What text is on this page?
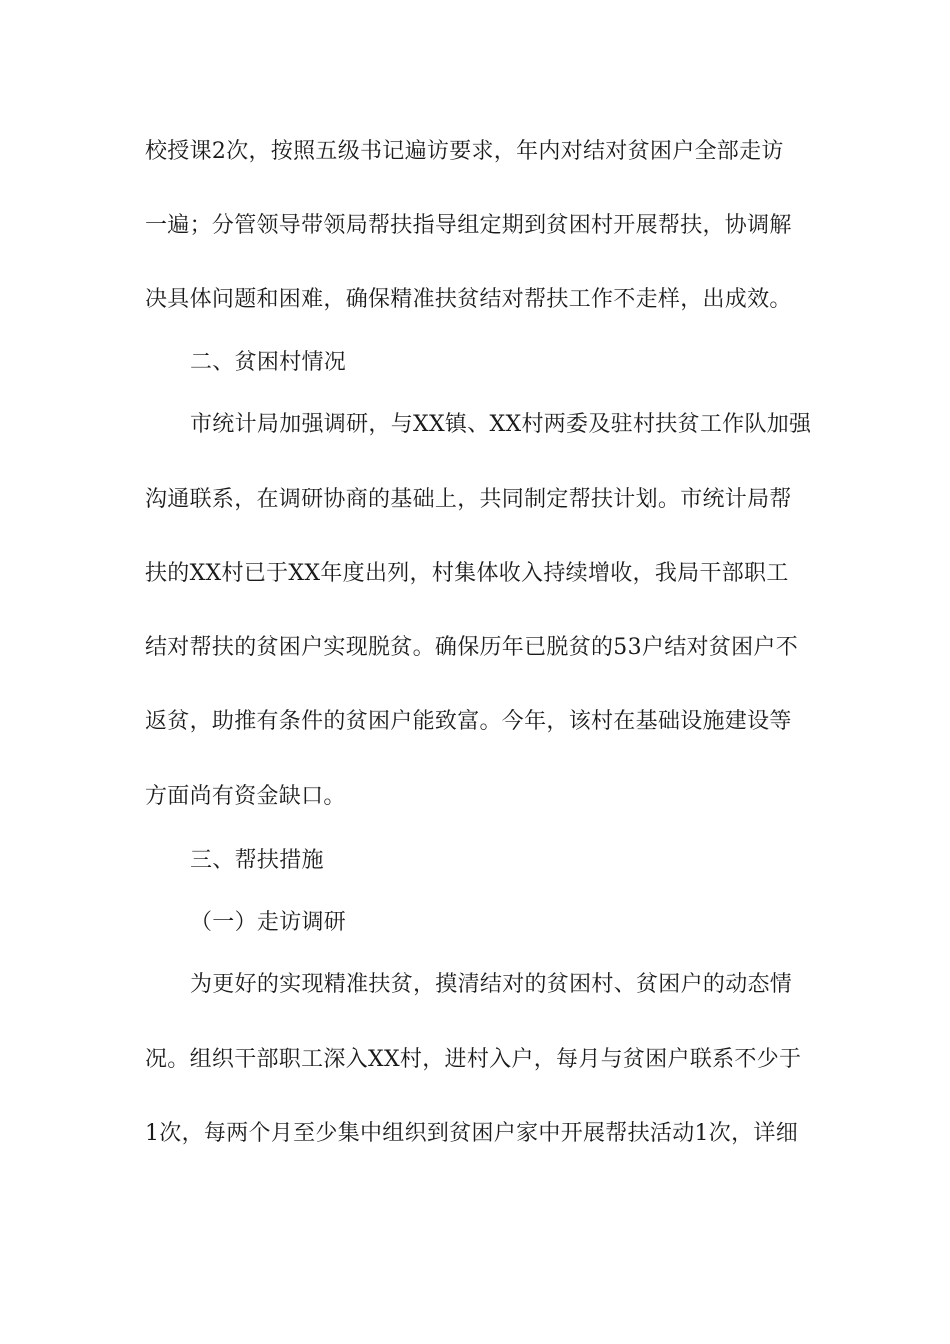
校授课2次，按照五级书记遍访要求，年内对结对贫困户全部走访
一遍；分管领导带领局帮扶指导组定期到贫困村开展帮扶，协调解
决具体问题和困难，确保精准扶贫结对帮扶工作不走样，出成效。
二、贫困村情况
市统计局加强调研，与XX镇、XX村两委及驻村扶贫工作队加强
沟通联系，在调研协商的基础上，共同制定帮扶计划。市统计局帮
扶的XX村已于XX年度出列，村集体收入持续增收，我局干部职工
结对帮扶的贫困户实现脱贫。确保历年已脱贫的53户结对贫困户不
返贫，助推有条件的贫困户能致富。今年，该村在基础设施建设等
方面尚有资金缺口。
三、帮扶措施
（一）走访调研
为更好的实现精准扶贫，摸清结对的贫困村、贫困户的动态情
况。组织干部职工深入XX村，进村入户，每月与贫困户联系不少于
1次，每两个月至少集中组织到贫困户家中开展帮扶活动1次，详细
